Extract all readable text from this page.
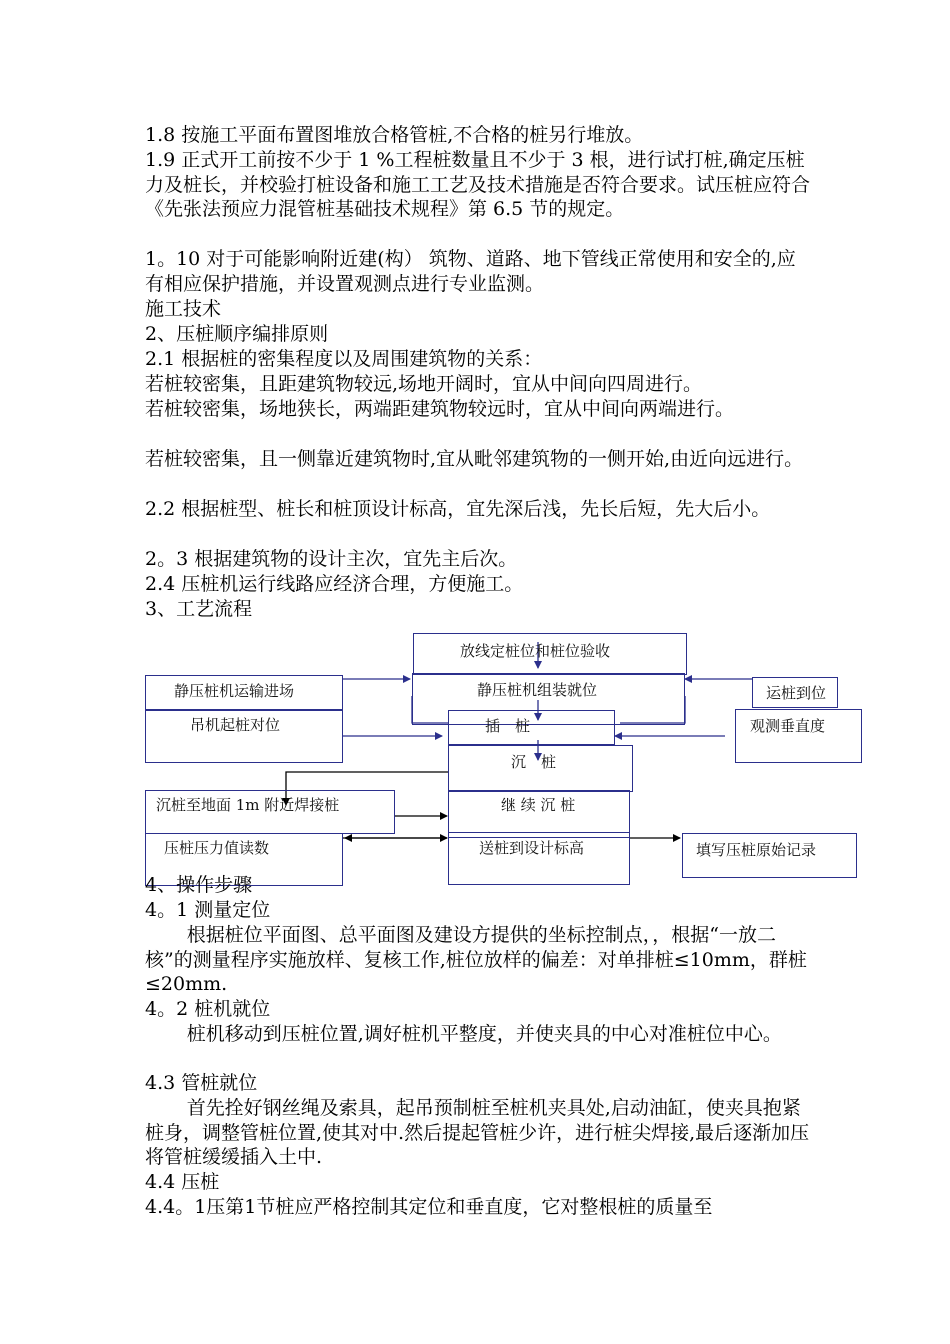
1.8 按施工平面布置图堆放合格管桩,不合格的桩另行堆放。

1.9 正式开工前按不少于 1 %工程桩数量且不少于 3 根，进行试打桩,确定压桩力及桩长，并校验打桩设备和施工工艺及技术措施是否符合要求。试压桩应符合《先张法预应力混管桩基础技术规程》第 6.5 节的规定。

1。10 对于可能影响附近建(构） 筑物、道路、地下管线正常使用和安全的,应有相应保护措施，并设置观测点进行专业监测。

施工技术

2、压桩顺序编排原则

2.1 根据桩的密集程度以及周围建筑物的关系：

若桩较密集，且距建筑物较远,场地开阔时，宜从中间向四周进行。

若桩较密集，场地狭长，两端距建筑物较远时，宜从中间向两端进行。

若桩较密集，且一侧靠近建筑物时,宜从毗邻建筑物的一侧开始,由近向远进行。

2.2 根据桩型、桩长和桩顶设计标高，宜先深后浅，先长后短，先大后小。

2。3 根据建筑物的设计主次，宜先主后次。

2.4 压桩机运行线路应经济合理，方便施工。

3、工艺流程

放线定桩位和桩位验收
静压桩机运输进场	静压桩机组装就位	运桩到位
吊机起桩对位	插　桩	观测垂直度
沉　桩
沉桩至地面 1m 附近焊接桩	继 续 沉 桩
压桩压力值读数	送桩到设计标高	填写压桩原始记录

4、操作步骤

4。1 测量定位

根据桩位平面图、总平面图及建设方提供的坐标控制点，，根据“一放二核”的测量程序实施放样、复核工作,桩位放样的偏差：对单排桩≤10mm，群桩≤20mm.

4。2 桩机就位

桩机移动到压桩位置,调好桩机平整度，并使夹具的中心对准桩位中心。

4.3 管桩就位

首先拴好钢丝绳及索具，起吊预制桩至桩机夹具处,启动油缸，使夹具抱紧桩身，调整管桩位置,使其对中.然后提起管桩少许，进行桩尖焊接,最后逐渐加压将管桩缓缓插入土中.

4.4 压桩

4.4。1压第1节桩应严格控制其定位和垂直度，它对整根桩的质量至
